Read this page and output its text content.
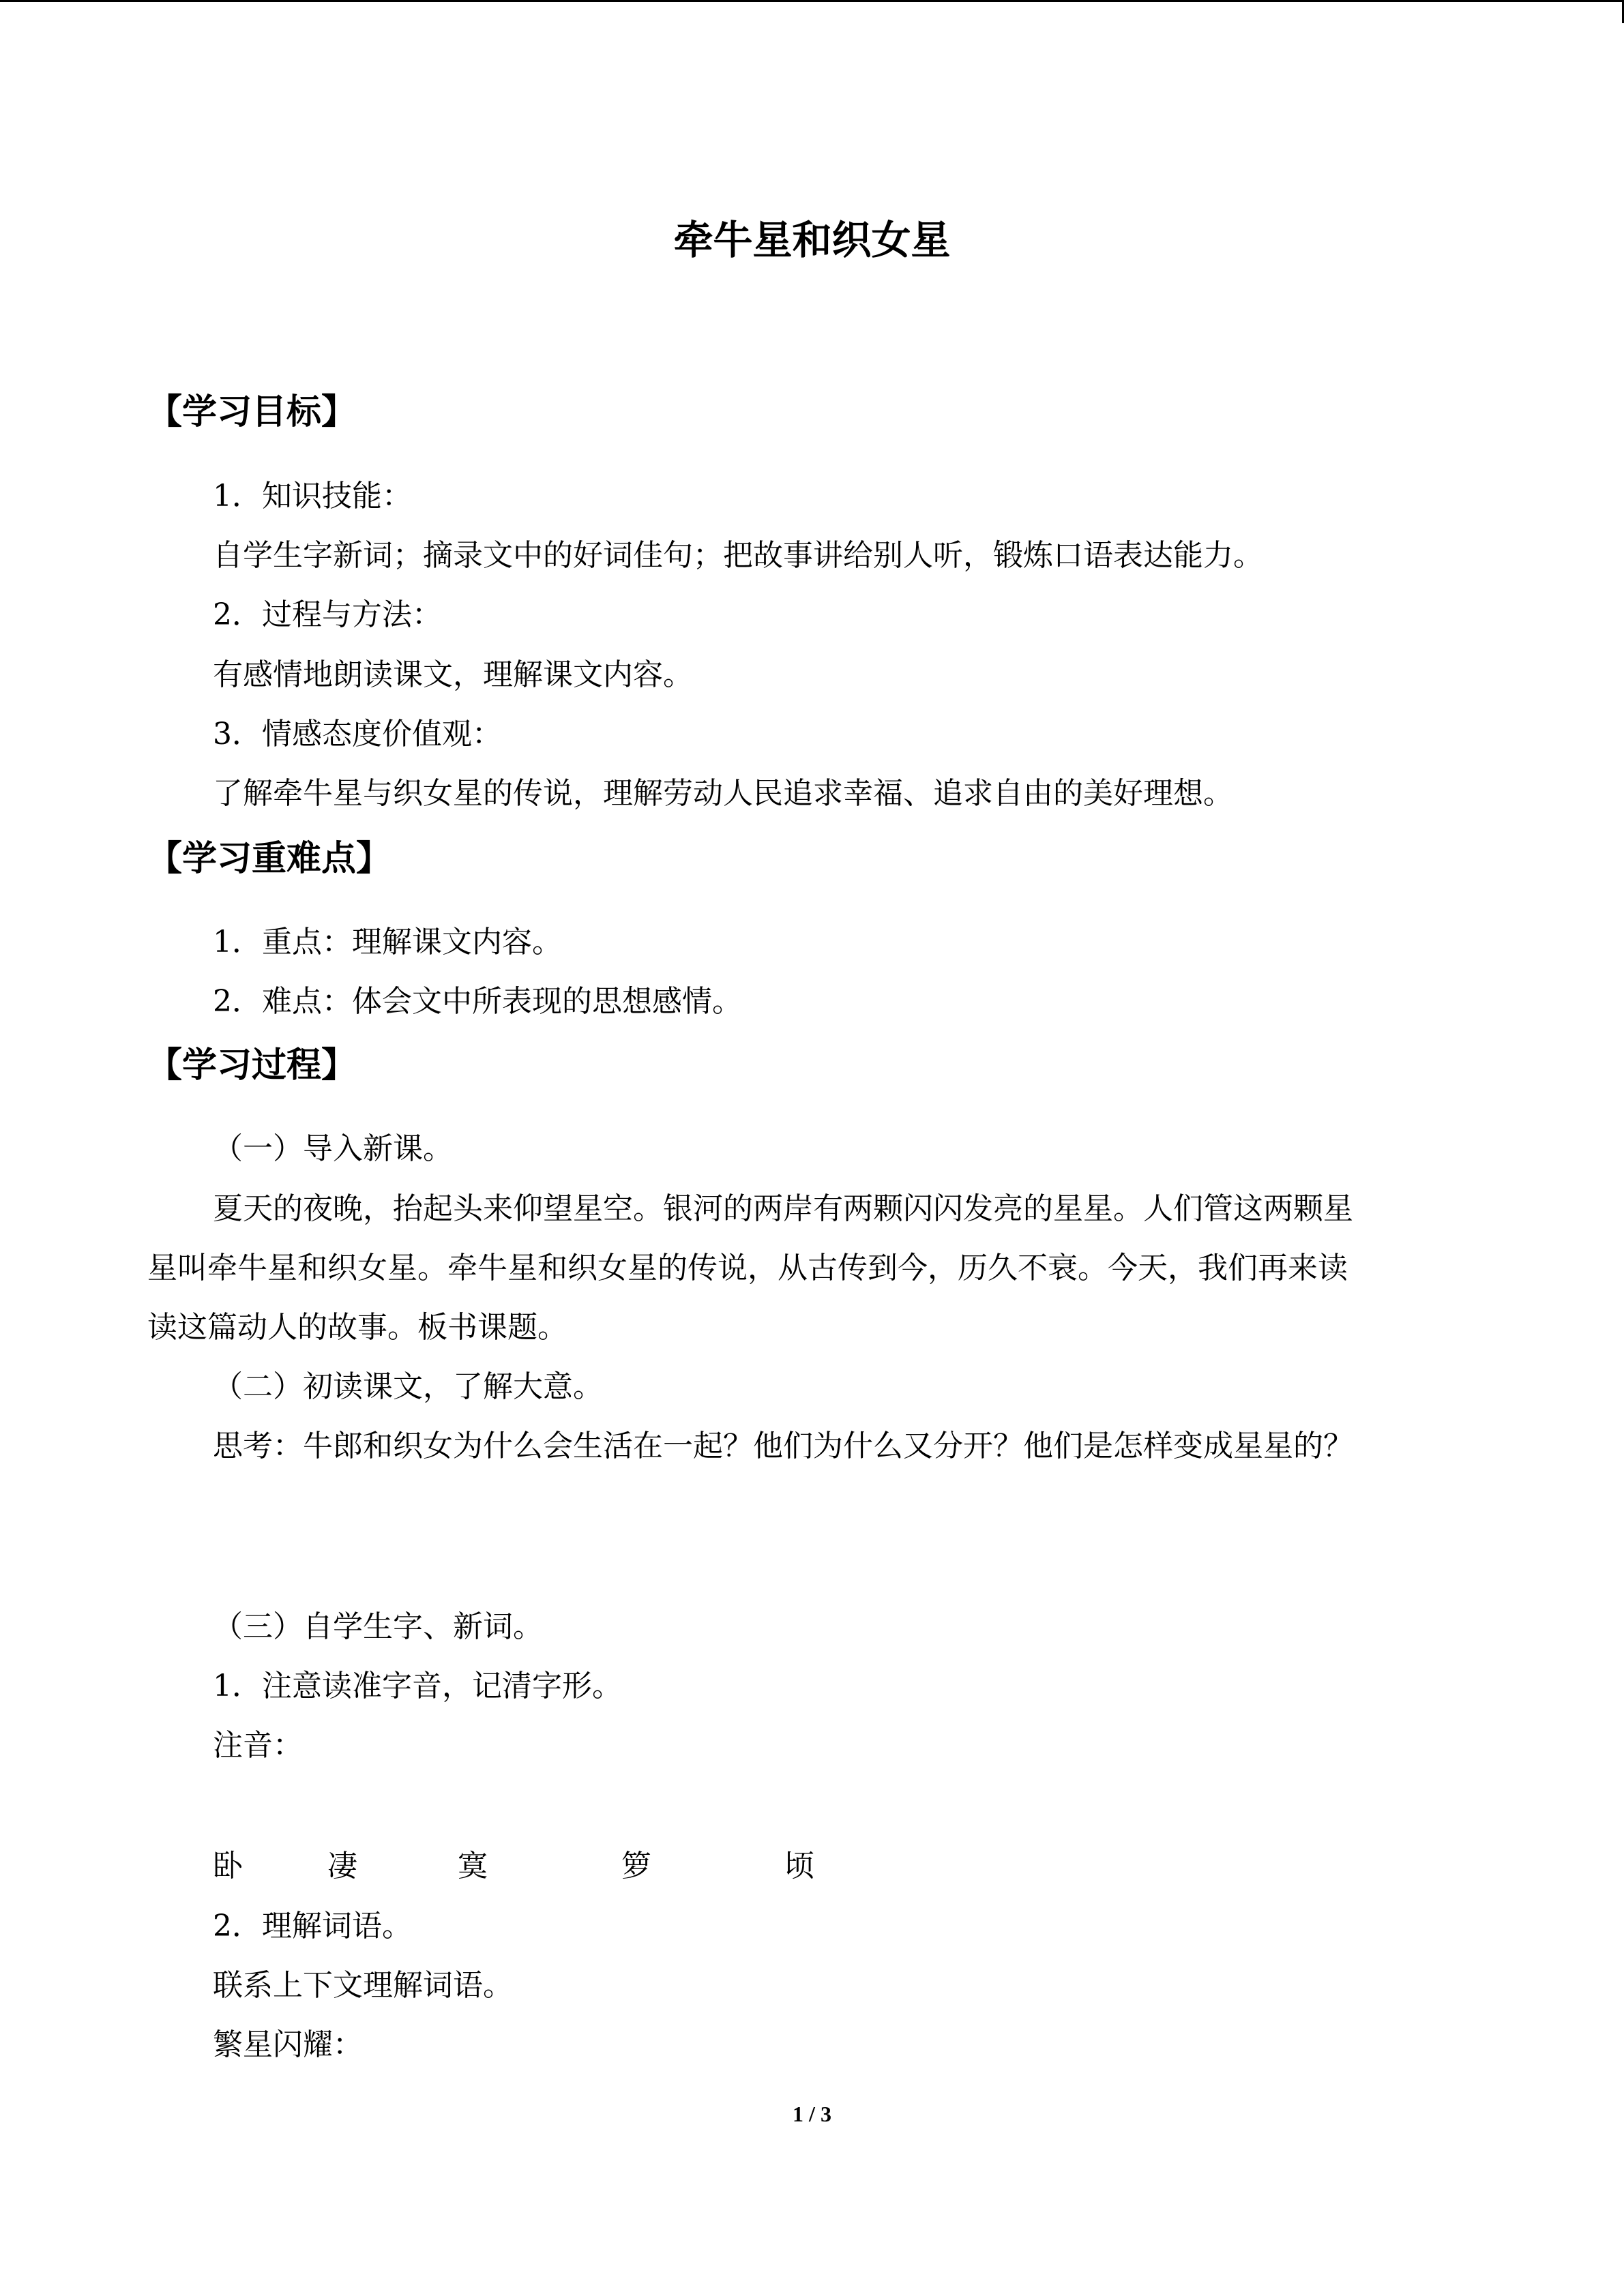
牵牛星和织女星
【学习目标】
1．知识技能：
自学生字新词；摘录文中的好词佳句；把故事讲给别人听，锻炼口语表达能力。
2．过程与方法：
有感情地朗读课文，理解课文内容。
3．情感态度价值观：
了解牵牛星与织女星的传说，理解劳动人民追求幸福、追求自由的美好理想。
【学习重难点】
1．重点：理解课文内容。
2．难点：体会文中所表现的思想感情。
【学习过程】
（一）导入新课。
夏天的夜晚，抬起头来仰望星空。银河的两岸有两颗闪闪发亮的星星。人们管这两颗星
星叫牵牛星和织女星。牵牛星和织女星的传说，从古传到今，历久不衰。今天，我们再来读
读这篇动人的故事。板书课题。
（二）初读课文，了解大意。
思考：牛郎和织女为什么会生活在一起？他们为什么又分开？他们是怎样变成星星的？
（三）自学生字、新词。
1．注意读准字音，记清字形。
注音：
卧	凄	寞	箩	顷
2．理解词语。
联系上下文理解词语。
繁星闪耀：
1 / 3
